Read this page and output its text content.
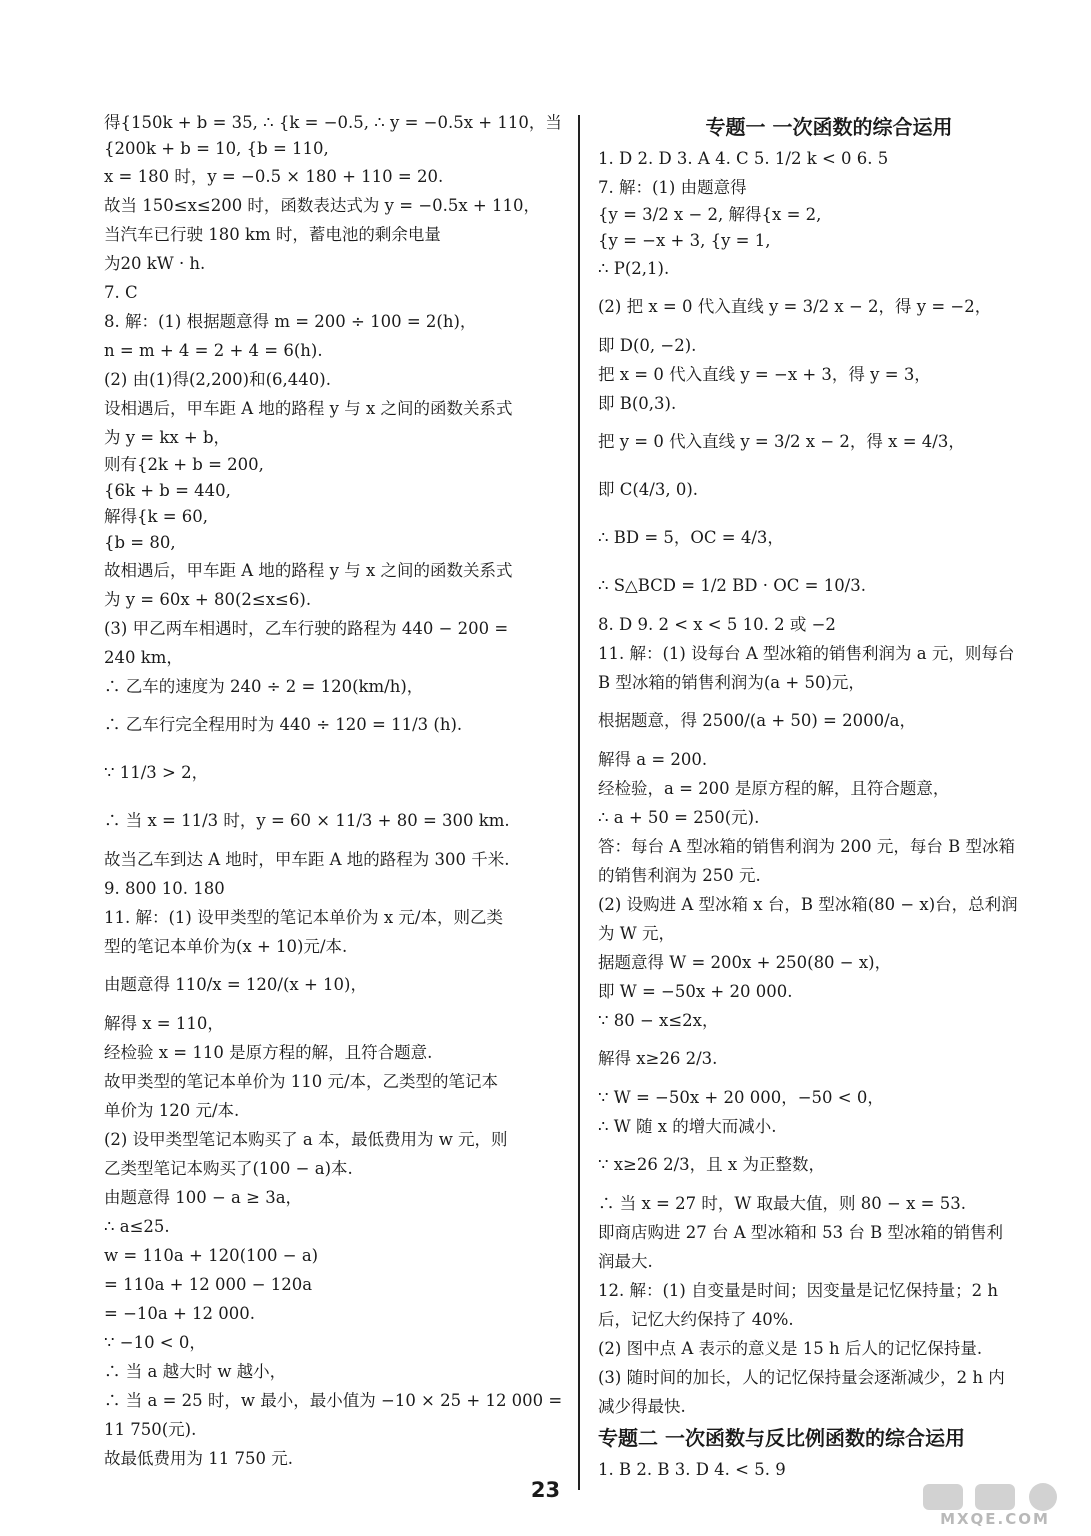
得{150k + b = 35, ∴ {k = −0.5, ∴ y = −0.5x + 110，当
{200k + b = 10, {b = 110,
x = 180 时，y = −0.5 × 180 + 110 = 20.
故当 150≤x≤200 时，函数表达式为 y = −0.5x + 110，
当汽车已行驶 180 km 时，蓄电池的剩余电量
为20 kW · h.
7. C
8. 解：(1) 根据题意得 m = 200 ÷ 100 = 2(h)，
n = m + 4 = 2 + 4 = 6(h).
(2) 由(1)得(2,200)和(6,440).
设相遇后，甲车距 A 地的路程 y 与 x 之间的函数关系式
为 y = kx + b，
则有{2k + b = 200,
{6k + b = 440,
解得{k = 60,
{b = 80,
故相遇后，甲车距 A 地的路程 y 与 x 之间的函数关系式
为 y = 60x + 80(2≤x≤6).
(3) 甲乙两车相遇时，乙车行驶的路程为 440 − 200 =
240 km，
∴ 乙车的速度为 240 ÷ 2 = 120(km/h)，
∴ 乙车行完全程用时为 440 ÷ 120 = 11/3 (h).
∵ 11/3 > 2，
∴ 当 x = 11/3 时，y = 60 × 11/3 + 80 = 300 km.
故当乙车到达 A 地时，甲车距 A 地的路程为 300 千米.
9. 800 10. 180
11. 解：(1) 设甲类型的笔记本单价为 x 元/本，则乙类
型的笔记本单价为(x + 10)元/本.
由题意得 110/x = 120/(x + 10)，
解得 x = 110，
经检验 x = 110 是原方程的解，且符合题意.
故甲类型的笔记本单价为 110 元/本，乙类型的笔记本
单价为 120 元/本.
(2) 设甲类型笔记本购买了 a 本，最低费用为 w 元，则
乙类型笔记本购买了(100 − a)本.
由题意得 100 − a ≥ 3a，
∴ a≤25.
w = 110a + 120(100 − a)
= 110a + 12 000 − 120a
= −10a + 12 000.
∵ −10 < 0，
∴ 当 a 越大时 w 越小，
∴ 当 a = 25 时，w 最小，最小值为 −10 × 25 + 12 000 =
11 750(元).
故最低费用为 11 750 元.
专题一 一次函数的综合运用
1. D 2. D 3. A 4. C 5. 1/2 k < 0 6. 5
7. 解：(1) 由题意得
{y = 3/2 x − 2, 解得{x = 2,
{y = −x + 3, {y = 1,
∴ P(2,1).
(2) 把 x = 0 代入直线 y = 3/2 x − 2，得 y = −2，
即 D(0, −2).
把 x = 0 代入直线 y = −x + 3，得 y = 3，
即 B(0,3).
把 y = 0 代入直线 y = 3/2 x − 2，得 x = 4/3，
即 C(4/3, 0).
∴ BD = 5，OC = 4/3，
∴ S△BCD = 1/2 BD · OC = 10/3.
8. D 9. 2 < x < 5 10. 2 或 −2
11. 解：(1) 设每台 A 型冰箱的销售利润为 a 元，则每台
B 型冰箱的销售利润为(a + 50)元，
根据题意，得 2500/(a + 50) = 2000/a，
解得 a = 200.
经检验，a = 200 是原方程的解，且符合题意，
∴ a + 50 = 250(元).
答：每台 A 型冰箱的销售利润为 200 元，每台 B 型冰箱
的销售利润为 250 元.
(2) 设购进 A 型冰箱 x 台，B 型冰箱(80 − x)台，总利润
为 W 元，
据题意得 W = 200x + 250(80 − x)，
即 W = −50x + 20 000.
∵ 80 − x≤2x，
解得 x≥26 2/3.
∵ W = −50x + 20 000，−50 < 0，
∴ W 随 x 的增大而减小.
∵ x≥26 2/3，且 x 为正整数，
∴ 当 x = 27 时，W 取最大值，则 80 − x = 53.
即商店购进 27 台 A 型冰箱和 53 台 B 型冰箱的销售利
润最大.
12. 解：(1) 自变量是时间；因变量是记忆保持量；2 h
后，记忆大约保持了 40%.
(2) 图中点 A 表示的意义是 15 h 后人的记忆保持量.
(3) 随时间的加长，人的记忆保持量会逐渐减少，2 h 内
减少得最快.
专题二 一次函数与反比例函数的综合运用
1. B 2. B 3. D 4. < 5. 9
23
MXQE.COM
